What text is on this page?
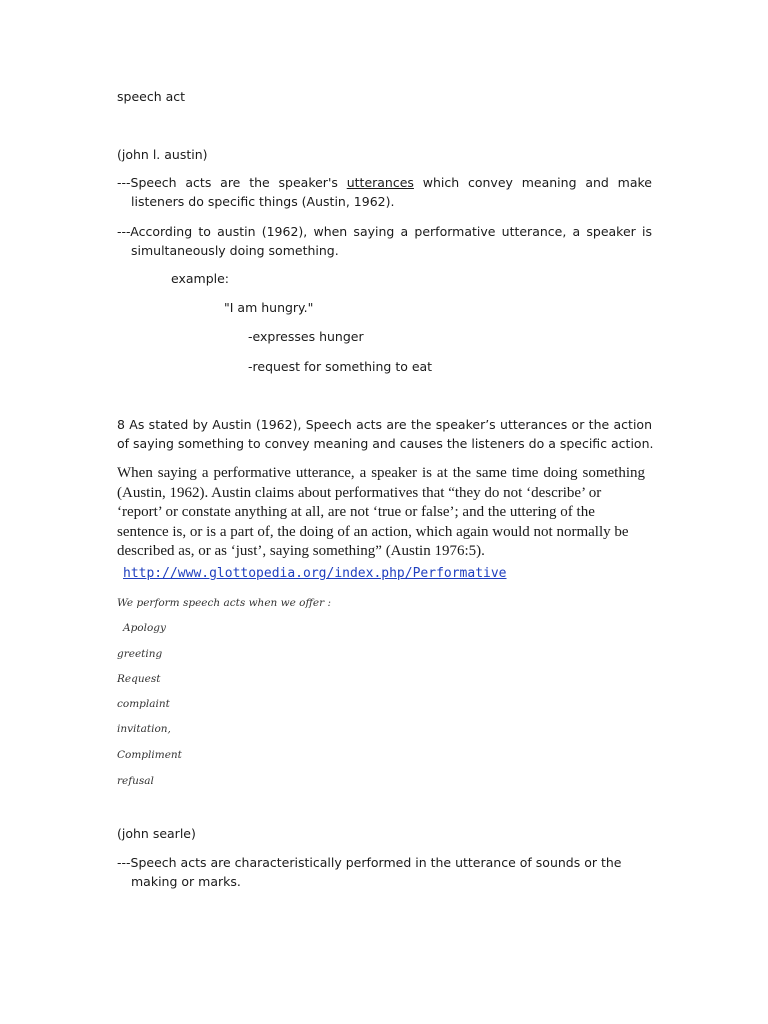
speech act
(john l. austin)
---Speech acts are the speaker's utterances which convey meaning and make
listeners do specific things (Austin, 1962).
---According to austin (1962), when saying a performative utterance, a speaker is
simultaneously doing something.
example:
"I am hungry."
-expresses hunger
-request for something to eat
8 As stated by Austin (1962), Speech acts are the speaker’s utterances or the action
of saying something to convey meaning and causes the listeners do a specific action.
When saying a performative utterance, a speaker is at the same time doing something
(Austin, 1962). Austin claims about performatives that “they do not ‘describe’ or
‘report’ or constate anything at all, are not ‘true or false’; and the uttering of the
sentence is, or is a part of, the doing of an action, which again would not normally be
described as, or as ‘just’, saying something” (Austin 1976:5).
http://www.glottopedia.org/index.php/Performative
We perform speech acts when we offer :
Apology
greeting
Request
complaint
invitation,
Compliment
refusal
(john searle)
---Speech acts are characteristically performed in the utterance of sounds or the
making or marks.
